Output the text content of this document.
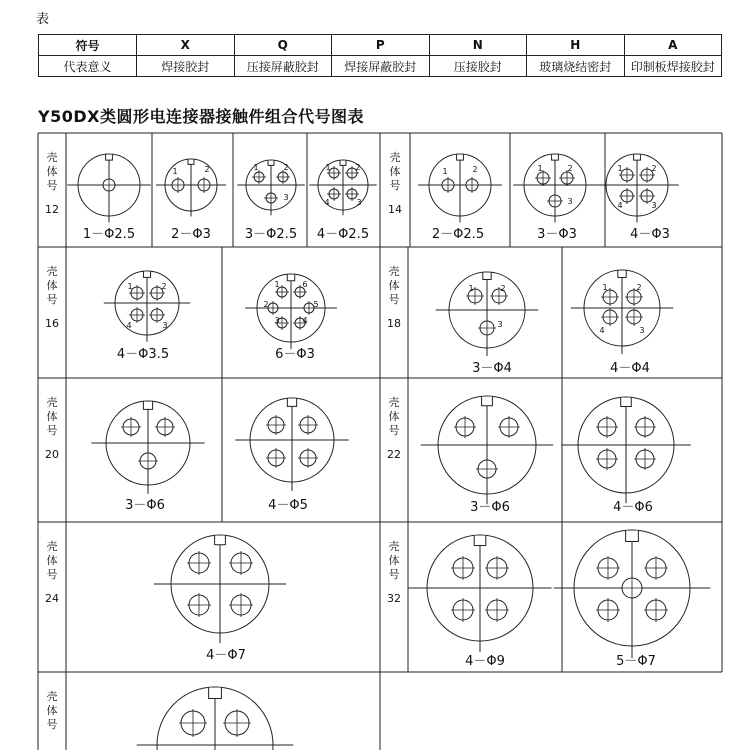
表
符号	X	Q	P	N	H	A
代表意义	焊接胶封	压接屏蔽胶封	焊接屏蔽胶封	压接胶封	玻璃烧结密封	印制板焊接胶封
Y50DX类圆形电连接器接触件组合代号图表
壳
体
号
12
1－Φ2.5
1	2
2－Φ3
1	2
3
3－Φ2.5
1	2
3
4
4－Φ2.5
壳
体
号
14
1	2
2－Φ2.5
1	2
3
3－Φ3
1	2
3
4
4－Φ3
壳
体
号
16
1	2
3
4
4－Φ3.5
1	6
2	5
3	4
6－Φ3
壳
体
号
18
1	2
3
3－Φ4
1	2
3
4
4－Φ4
壳
体
号
20
3－Φ6	4－Φ5
壳
体
号
22
3－Φ6	4－Φ6
壳
体
号
24
4－Φ7
壳
体
号
32
4－Φ9	5－Φ7
壳
体
号
